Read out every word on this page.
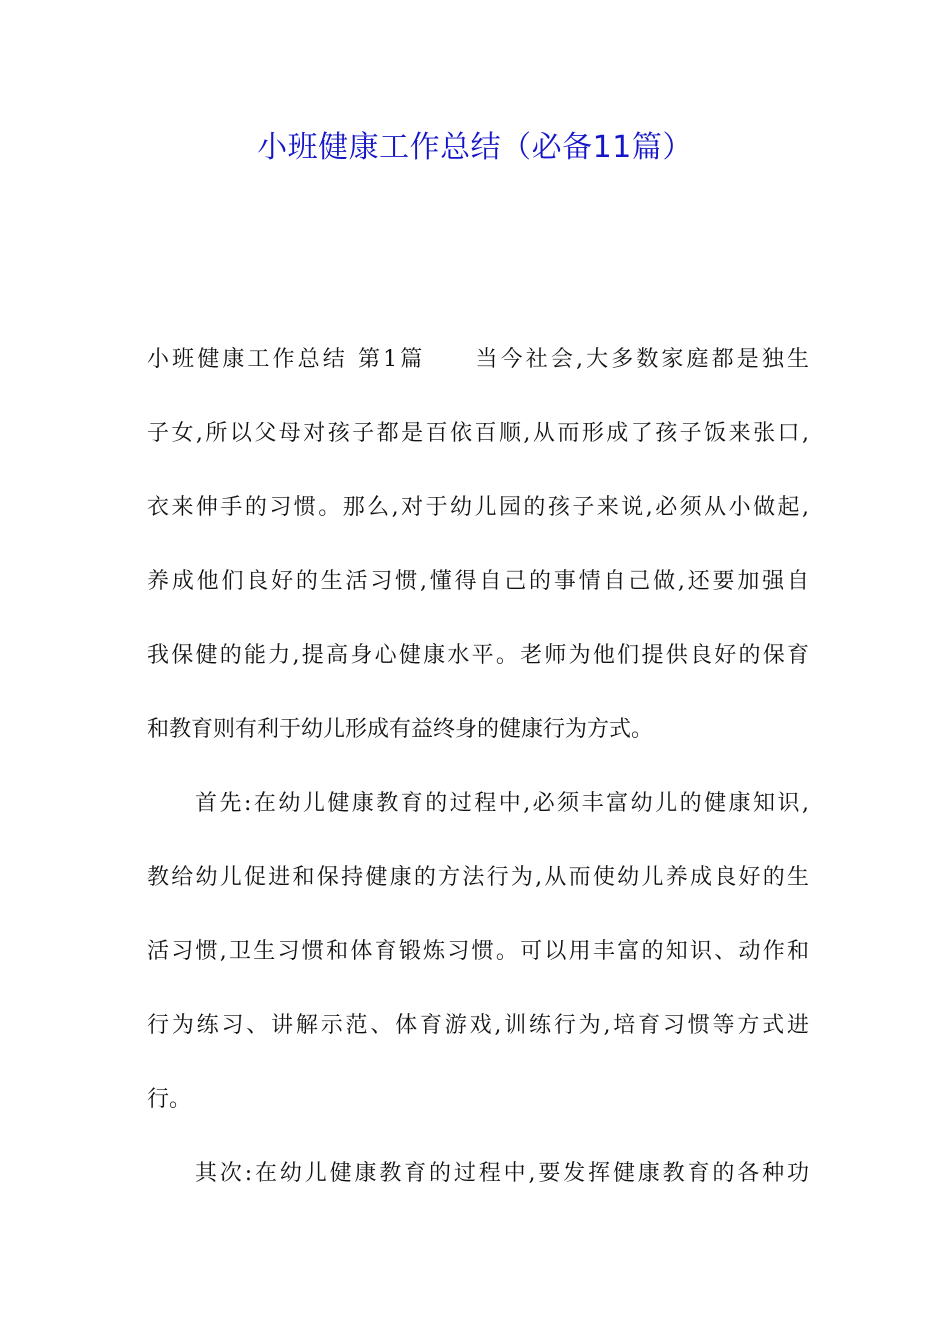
小班健康工作总结（必备11篇）
小班健康工作总结 第1篇　　当今社会,大多数家庭都是独生
子女,所以父母对孩子都是百依百顺,从而形成了孩子饭来张口,
衣来伸手的习惯。那么,对于幼儿园的孩子来说,必须从小做起,
养成他们良好的生活习惯,懂得自己的事情自己做,还要加强自
我保健的能力,提高身心健康水平。老师为他们提供良好的保育
和教育则有利于幼儿形成有益终身的健康行为方式。
首先:在幼儿健康教育的过程中,必须丰富幼儿的健康知识,
教给幼儿促进和保持健康的方法行为,从而使幼儿养成良好的生
活习惯,卫生习惯和体育锻炼习惯。可以用丰富的知识、动作和
行为练习、讲解示范、体育游戏,训练行为,培育习惯等方式进
行。
其次:在幼儿健康教育的过程中,要发挥健康教育的各种功
